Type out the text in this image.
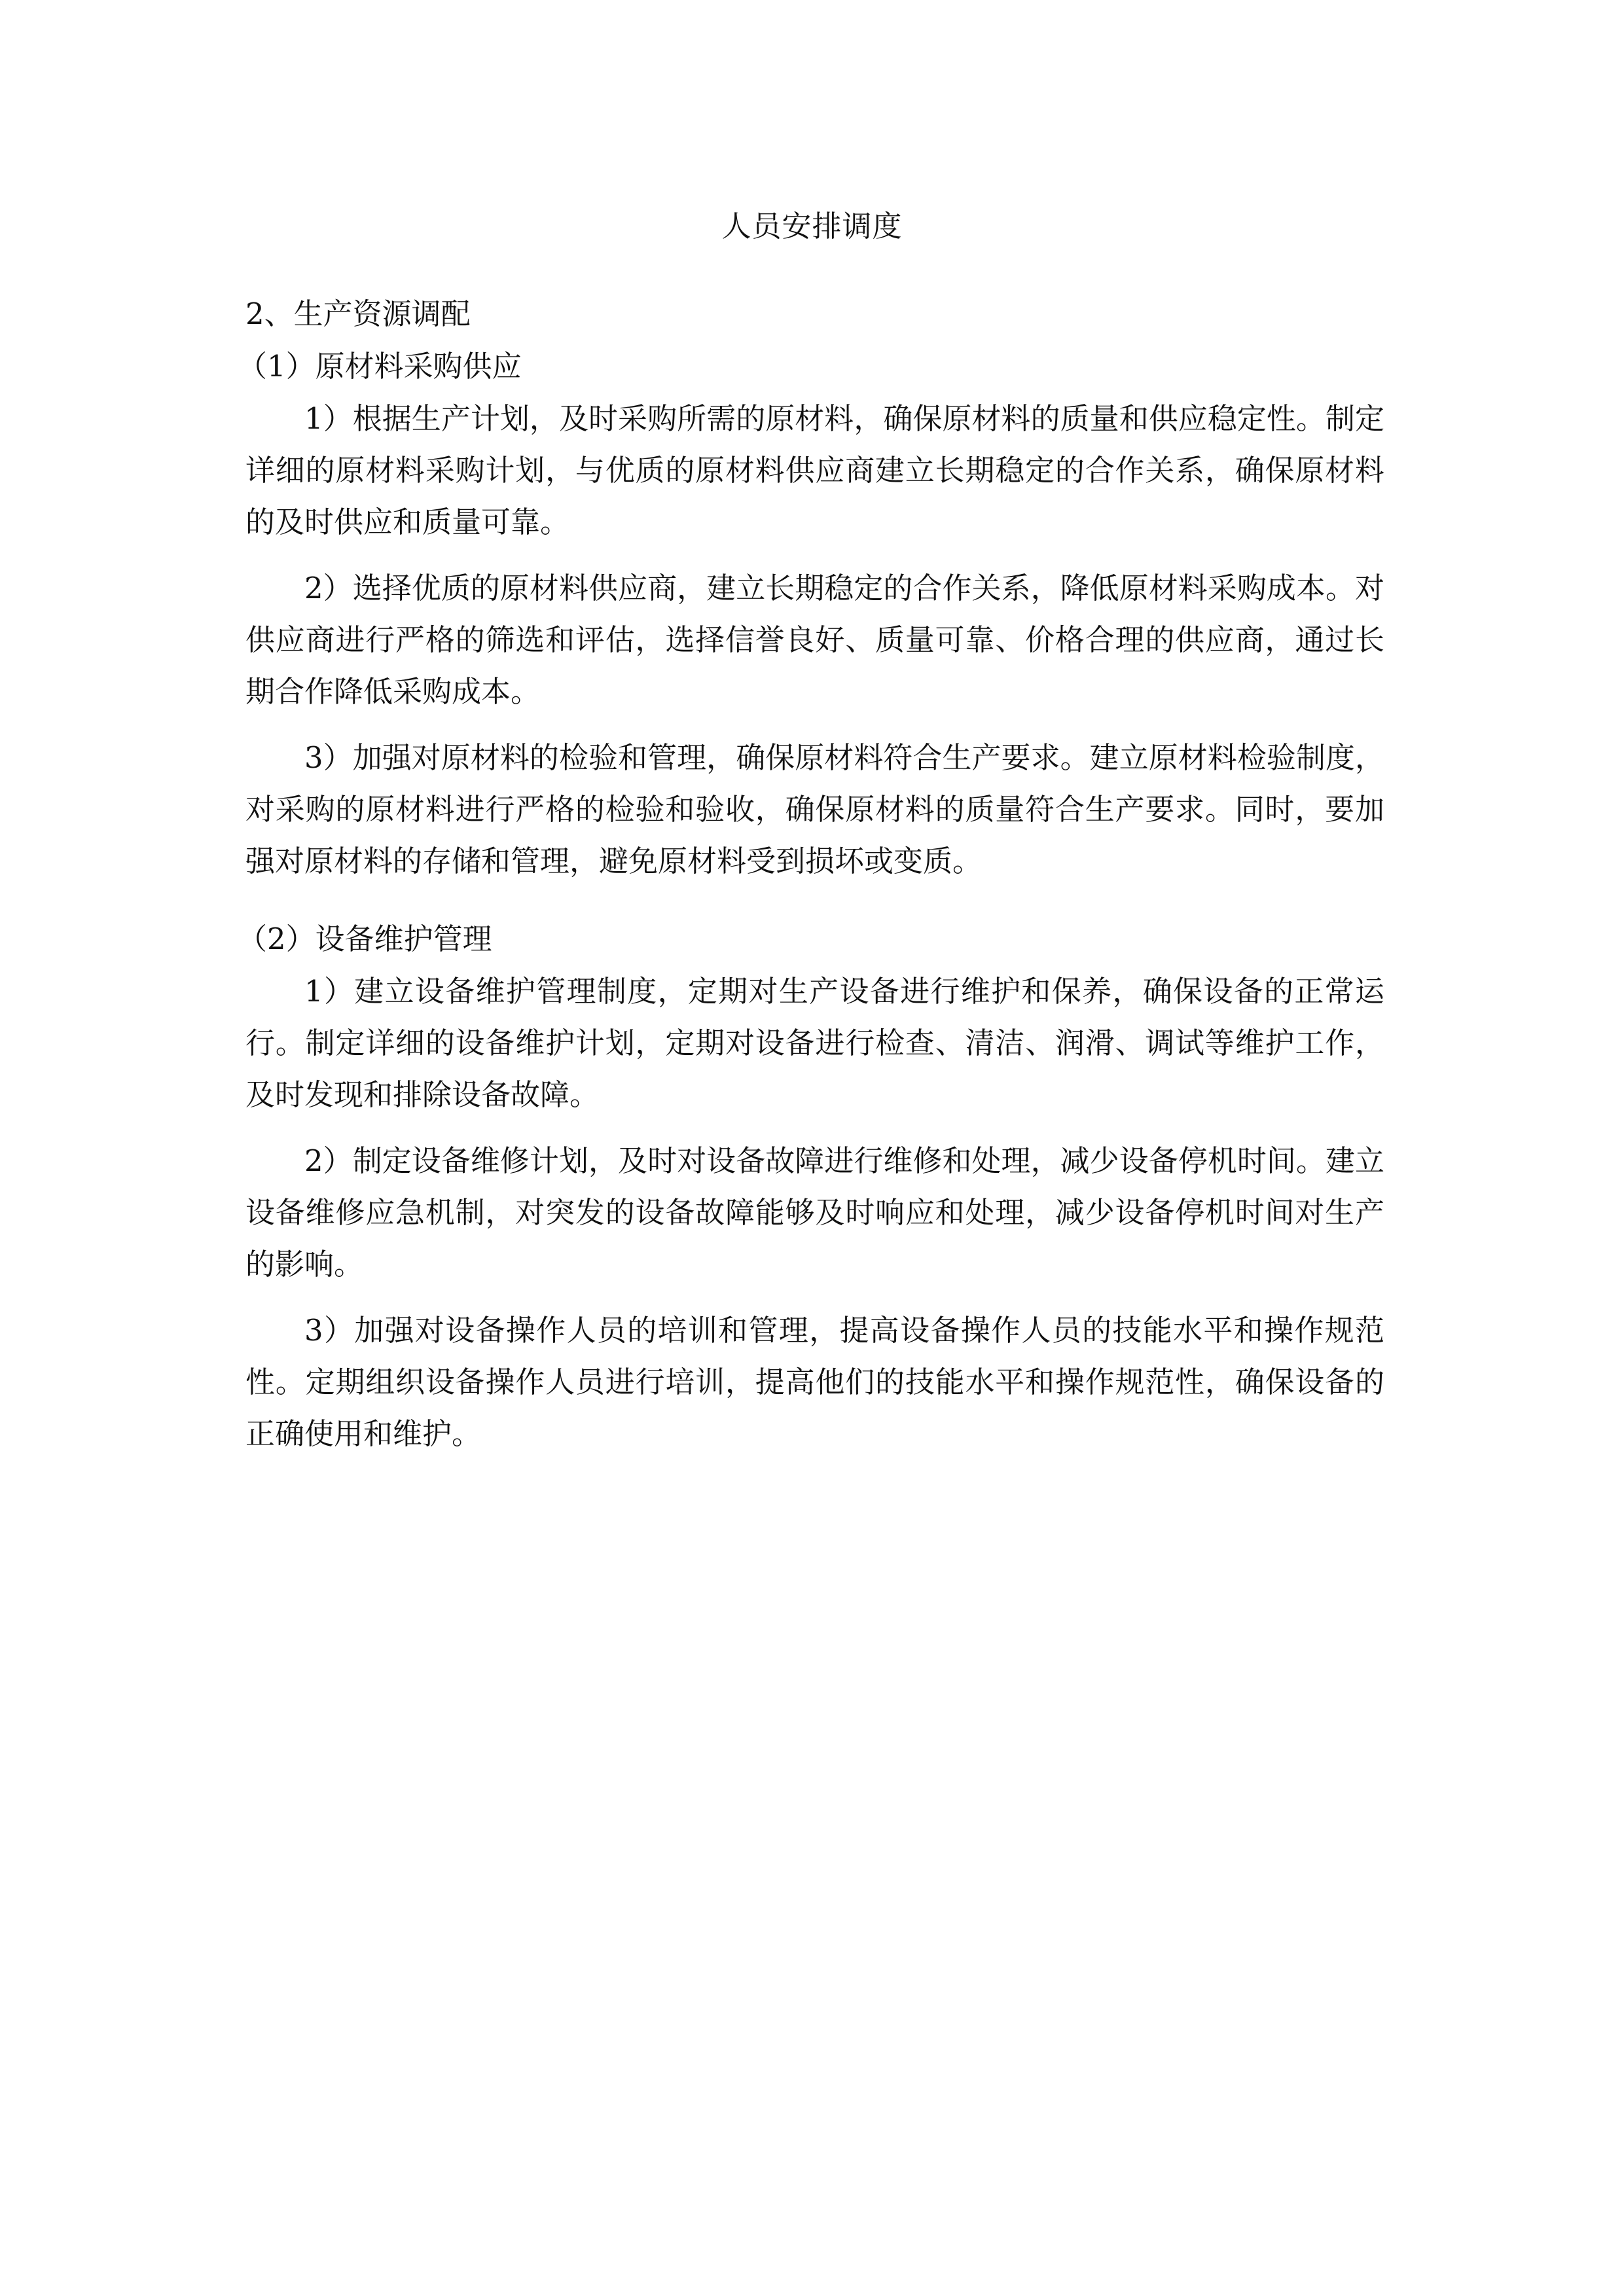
人员安排调度

2、生产资源调配

（1）原材料采购供应

1）根据生产计划，及时采购所需的原材料，确保原材料的质量和供应稳定性。制定详细的原材料采购计划，与优质的原材料供应商建立长期稳定的合作关系，确保原材料的及时供应和质量可靠。

2）选择优质的原材料供应商，建立长期稳定的合作关系，降低原材料采购成本。对供应商进行严格的筛选和评估，选择信誉良好、质量可靠、价格合理的供应商，通过长期合作降低采购成本。

3）加强对原材料的检验和管理，确保原材料符合生产要求。建立原材料检验制度，对采购的原材料进行严格的检验和验收，确保原材料的质量符合生产要求。同时，要加强对原材料的存储和管理，避免原材料受到损坏或变质。

（2）设备维护管理

1）建立设备维护管理制度，定期对生产设备进行维护和保养，确保设备的正常运行。制定详细的设备维护计划，定期对设备进行检查、清洁、润滑、调试等维护工作，及时发现和排除设备故障。

2）制定设备维修计划，及时对设备故障进行维修和处理，减少设备停机时间。建立设备维修应急机制，对突发的设备故障能够及时响应和处理，减少设备停机时间对生产的影响。

3）加强对设备操作人员的培训和管理，提高设备操作人员的技能水平和操作规范性。定期组织设备操作人员进行培训，提高他们的技能水平和操作规范性，确保设备的正确使用和维护。
